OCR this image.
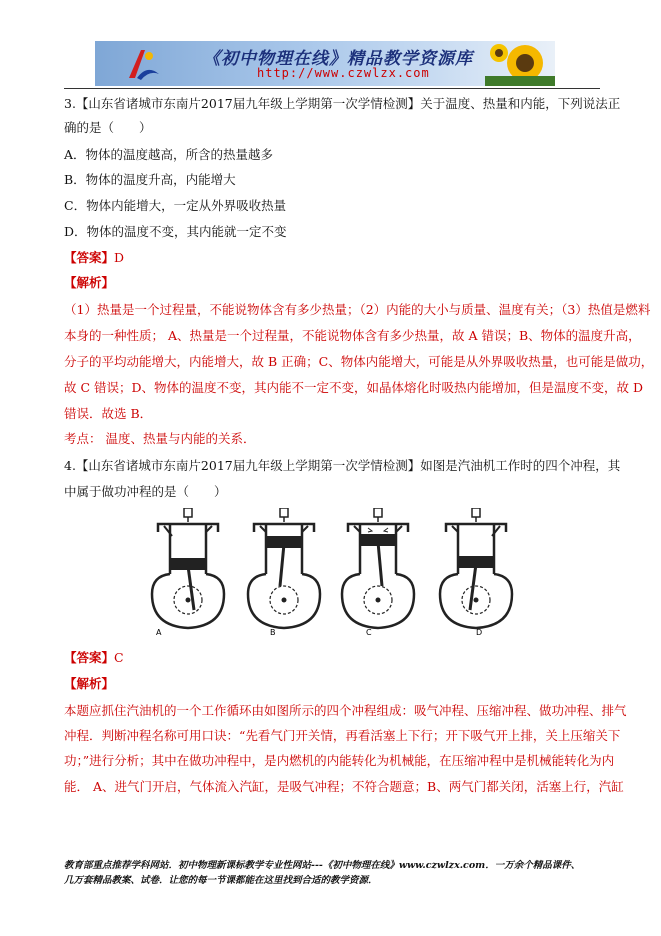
《初中物理在线》精品教学资源库
http://www.czwlzx.com
3.【山东省诸城市东南片2017届九年级上学期第一次学情检测】关于温度、热量和内能，下列说法正
确的是（　　）
A．物体的温度越高，所含的热量越多
B．物体的温度升高，内能增大
C．物体内能增大，一定从外界吸收热量
D．物体的温度不变，其内能就一定不变
【答案】D
【解析】
（1）热量是一个过程量，不能说物体含有多少热量；（2）内能的大小与质量、温度有关；（3）热值是燃料
本身的一种性质； A、热量是一个过程量，不能说物体含有多少热量，故 A 错误；B、物体的温度升高，
分子的平均动能增大，内能增大，故 B 正确；C、物体内能增大，可能是从外界吸收热量，也可能是做功，
故 C 错误；D、物体的温度不变，其内能不一定不变，如晶体熔化时吸热内能增加，但是温度不变，故 D
错误．故选 B．
考点： 温度、热量与内能的关系．
4.【山东省诸城市东南片2017届九年级上学期第一次学情检测】如图是汽油机工作时的四个冲程，其
中属于做功冲程的是（　　）
A	B	C	D
【答案】C
【解析】
本题应抓住汽油机的一个工作循环由如图所示的四个冲程组成：吸气冲程、压缩冲程、做功冲程、排气
冲程．判断冲程名称可用口诀：“先看气门开关情，再看活塞上下行；开下吸气开上排，关上压缩关下
功；”进行分析；其中在做功冲程中，是内燃机的内能转化为机械能，在压缩冲程中是机械能转化为内
能． A、进气门开启，气体流入汽缸，是吸气冲程；不符合题意；B、两气门都关闭，活塞上行，汽缸
教育部重点推荐学科网站．初中物理新课标教学专业性网站---《初中物理在线》www.czwlzx.com．一万余个精品课件、
几万套精品教案、试卷．让您的每一节课都能在这里找到合适的教学资源．
